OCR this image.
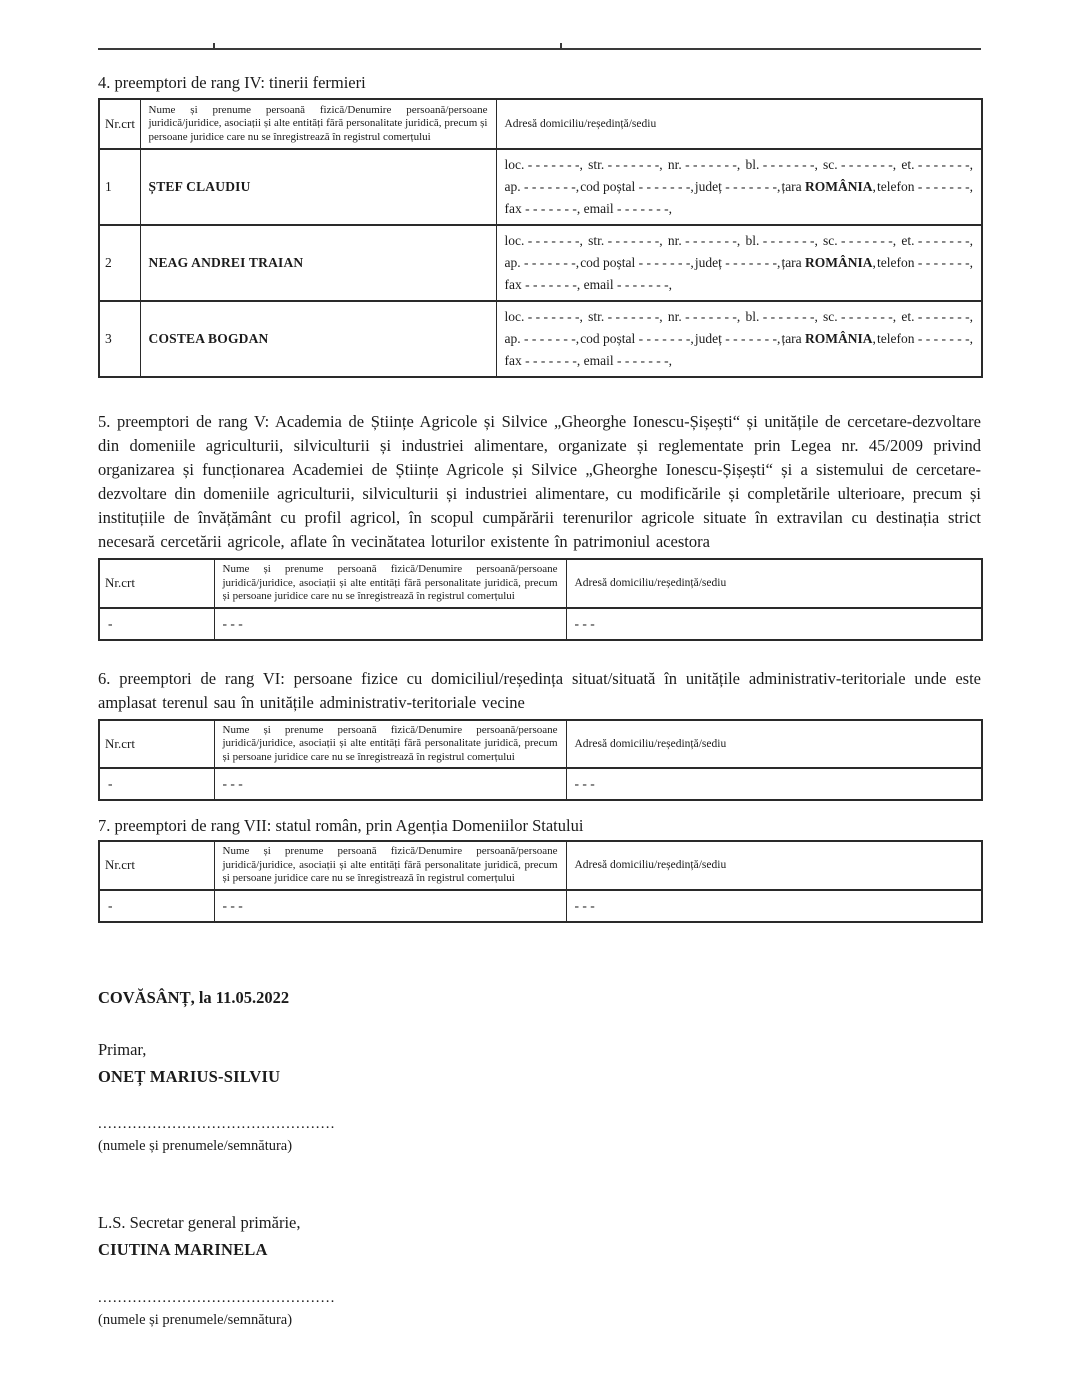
4. preemptori de rang IV: tinerii fermieri
Nr.crt	Nume și prenume persoană fizică/Denumire persoană/persoane juridică/juridice, asociații și alte entități fără personalitate juridică, precum și persoane juridice care nu se înregistrează în registrul comerțului	Adresă domiciliu/reședință/sediu
1	ȘTEF CLAUDIU	
loc. - - - - - - -, str. - - - - - - -, nr. - - - - - - -, bl. - - - - - - -, sc. - - - - - - -, et. - - - - - - -,
ap. - - - - - - -, cod poștal - - - - - - -, județ - - - - - - -, țara ROMÂNIA, telefon - - - - - - -,
fax - - - - - - -, email - - - - - - -,

2	NEAG ANDREI TRAIAN	
loc. - - - - - - -, str. - - - - - - -, nr. - - - - - - -, bl. - - - - - - -, sc. - - - - - - -, et. - - - - - - -,
ap. - - - - - - -, cod poștal - - - - - - -, județ - - - - - - -, țara ROMÂNIA, telefon - - - - - - -,
fax - - - - - - -, email - - - - - - -,

3	COSTEA BOGDAN	
loc. - - - - - - -, str. - - - - - - -, nr. - - - - - - -, bl. - - - - - - -, sc. - - - - - - -, et. - - - - - - -,
ap. - - - - - - -, cod poștal - - - - - - -, județ - - - - - - -, țara ROMÂNIA, telefon - - - - - - -,
fax - - - - - - -, email - - - - - - -,
5. preemptori de rang V: Academia de Științe Agricole și Silvice „Gheorghe Ionescu-Șișești“ și unitățile de cercetare-dezvoltare din domeniile agriculturii, silviculturii și industriei alimentare, organizate și reglementate prin Legea nr. 45/2009 privind organizarea și funcționarea Academiei de Științe Agricole și Silvice „Gheorghe Ionescu-Șișești“ și a sistemului de cercetare-dezvoltare din domeniile agriculturii, silviculturii și industriei alimentare, cu modificările și completările ulterioare, precum și instituțiile de învățământ cu profil agricol, în scopul cumpărării terenurilor agricole situate în extravilan cu destinația strict necesară cercetării agricole, aflate în vecinătatea loturilor existente în patrimoniul acestora
Nr.crt	Nume și prenume persoană fizică/Denumire persoană/persoane juridică/juridice, asociații și alte entități fără personalitate juridică, precum și persoane juridice care nu se înregistrează în registrul comerțului	Adresă domiciliu/reședință/sediu
-	- - -	- - -
6. preemptori de rang VI: persoane fizice cu domiciliul/reședința situat/situată în unitățile administrativ-teritoriale unde este amplasat terenul sau în unitățile administrativ-teritoriale vecine
Nr.crt	Nume și prenume persoană fizică/Denumire persoană/persoane juridică/juridice, asociații și alte entități fără personalitate juridică, precum și persoane juridice care nu se înregistrează în registrul comerțului	Adresă domiciliu/reședință/sediu
-	- - -	- - -
7. preemptori de rang VII: statul român, prin Agenția Domeniilor Statului
Nr.crt	Nume și prenume persoană fizică/Denumire persoană/persoane juridică/juridice, asociații și alte entități fără personalitate juridică, precum și persoane juridice care nu se înregistrează în registrul comerțului	Adresă domiciliu/reședință/sediu
-	- - -	- - -
COVĂSÂNȚ, la 11.05.2022
Primar,
ONEȚ MARIUS-SILVIU
................................................
(numele și prenumele/semnătura)
L.S. Secretar general primărie,
CIUTINA MARINELA
................................................
(numele și prenumele/semnătura)
